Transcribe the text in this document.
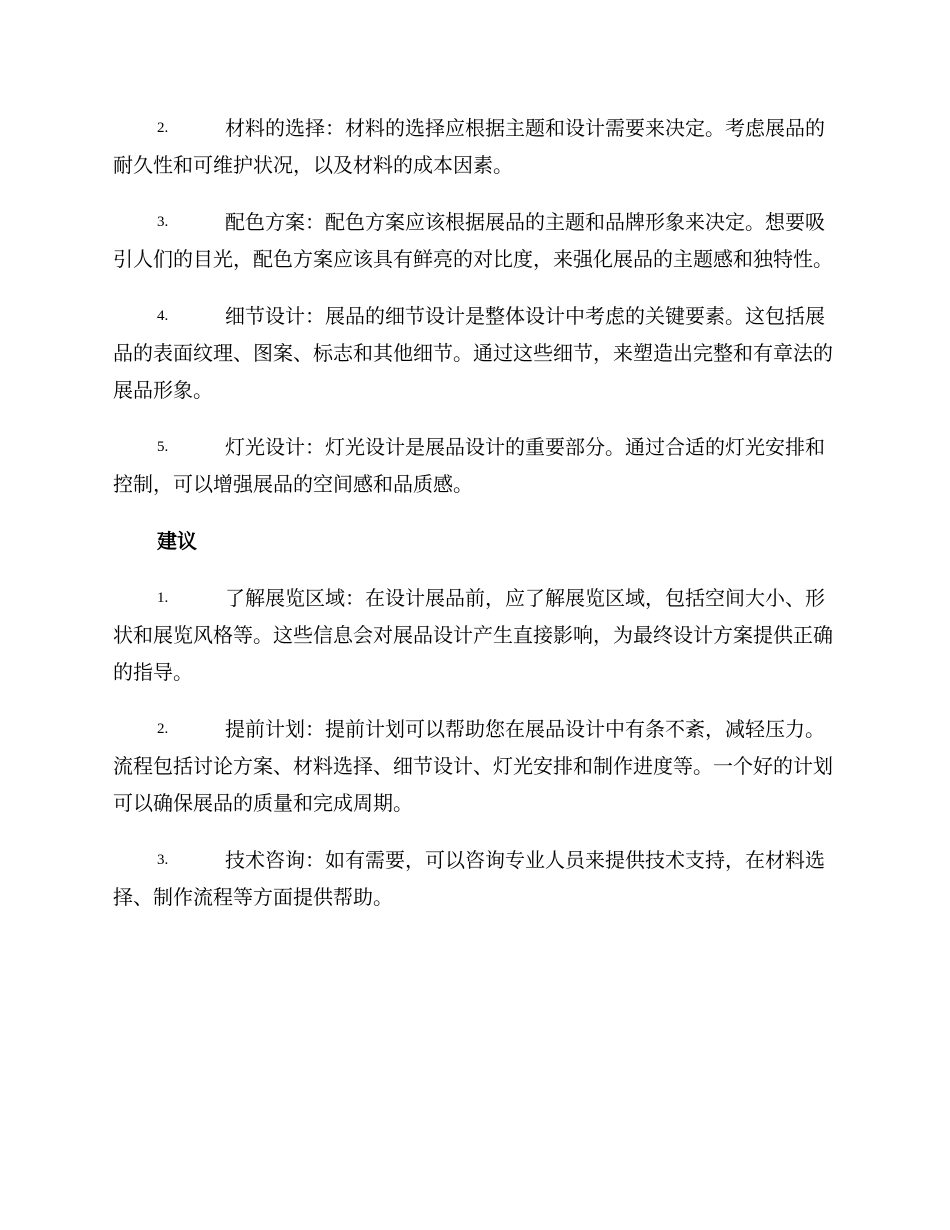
2.	材料的选择：材料的选择应根据主题和设计需要来决定。考虑展品的耐久性和可维护状况，以及材料的成本因素。
3.	配色方案：配色方案应该根据展品的主题和品牌形象来决定。想要吸引人们的目光，配色方案应该具有鲜亮的对比度，来强化展品的主题感和独特性。
4.	细节设计：展品的细节设计是整体设计中考虑的关键要素。这包括展品的表面纹理、图案、标志和其他细节。通过这些细节，来塑造出完整和有章法的展品形象。
5.	灯光设计：灯光设计是展品设计的重要部分。通过合适的灯光安排和控制，可以增强展品的空间感和品质感。
建议
1.	了解展览区域：在设计展品前，应了解展览区域，包括空间大小、形状和展览风格等。这些信息会对展品设计产生直接影响，为最终设计方案提供正确的指导。
2.	提前计划：提前计划可以帮助您在展品设计中有条不紊，减轻压力。流程包括讨论方案、材料选择、细节设计、灯光安排和制作进度等。一个好的计划可以确保展品的质量和完成周期。
3.	技术咨询：如有需要，可以咨询专业人员来提供技术支持，在材料选择、制作流程等方面提供帮助。
